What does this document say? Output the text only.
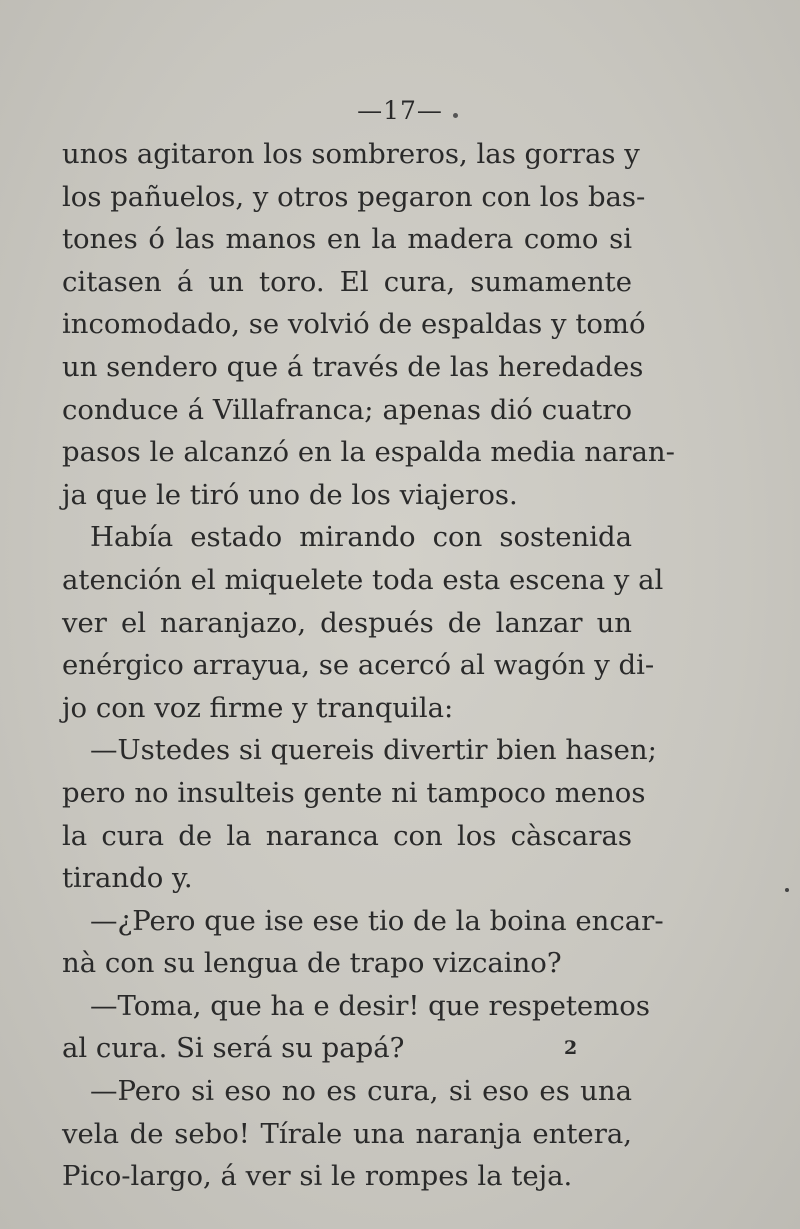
—17—
unos agitaron los sombreros, las gorras y
los pañuelos, y otros pegaron con los bas-
tones ó las manos en la madera como si
citasen á un toro. El cura, sumamente
incomodado, se volvió de espaldas y tomó
un sendero que á través de las heredades
conduce á Villafranca; apenas dió cuatro
pasos le alcanzó en la espalda media naran-
ja que le tiró uno de los viajeros.
Había estado mirando con sostenida
atención el miquelete toda esta escena y al
ver el naranjazo, después de lanzar un
enérgico arrayua, se acercó al wagón y di-
jo con voz firme y tranquila:
—Ustedes si quereis divertir bien hasen;
pero no insulteis gente ni tampoco menos
la cura de la naranca con los càscaras
tirando y.
—¿Pero que ise ese tio de la boina encar-
nà con su lengua de trapo vizcaino?
—Toma, que ha e desir! que respetemos
al cura. Si será su papá?
—Pero si eso no es cura, si eso es una
vela de sebo! Tírale una naranja entera,
Pico-largo, á ver si le rompes la teja.
2
